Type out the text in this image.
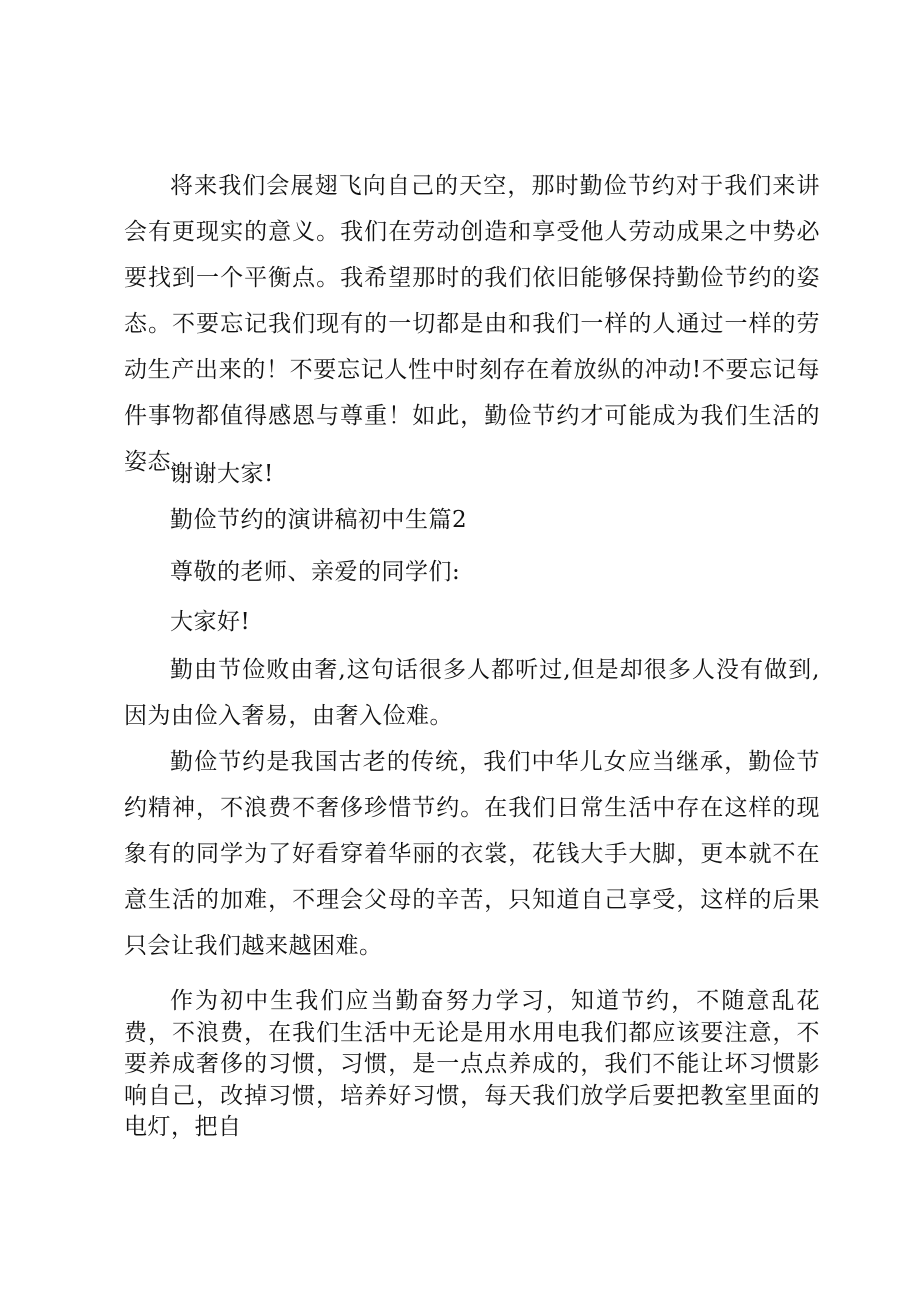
将来我们会展翅飞向自己的天空，那时勤俭节约对于我们来讲会有更现实的意义。我们在劳动创造和享受他人劳动成果之中势必要找到一个平衡点。我希望那时的我们依旧能够保持勤俭节约的姿态。不要忘记我们现有的一切都是由和我们一样的人通过一样的劳动生产出来的！不要忘记人性中时刻存在着放纵的冲动!不要忘记每件事物都值得感恩与尊重！如此，勤俭节约才可能成为我们生活的姿态。

谢谢大家!

勤俭节约的演讲稿初中生篇2

尊敬的老师、亲爱的同学们:

大家好!

勤由节俭败由奢,这句话很多人都听过,但是却很多人没有做到,因为由俭入奢易，由奢入俭难。

勤俭节约是我国古老的传统，我们中华儿女应当继承，勤俭节约精神，不浪费不奢侈珍惜节约。在我们日常生活中存在这样的现象有的同学为了好看穿着华丽的衣裳，花钱大手大脚，更本就不在意生活的加难，不理会父母的辛苦，只知道自己享受，这样的后果只会让我们越来越困难。

作为初中生我们应当勤奋努力学习，知道节约，不随意乱花费，不浪费，在我们生活中无论是用水用电我们都应该要注意，不要养成奢侈的习惯，习惯，是一点点养成的，我们不能让坏习惯影响自己，改掉习惯，培养好习惯，每天我们放学后要把教室里面的电灯，把自
